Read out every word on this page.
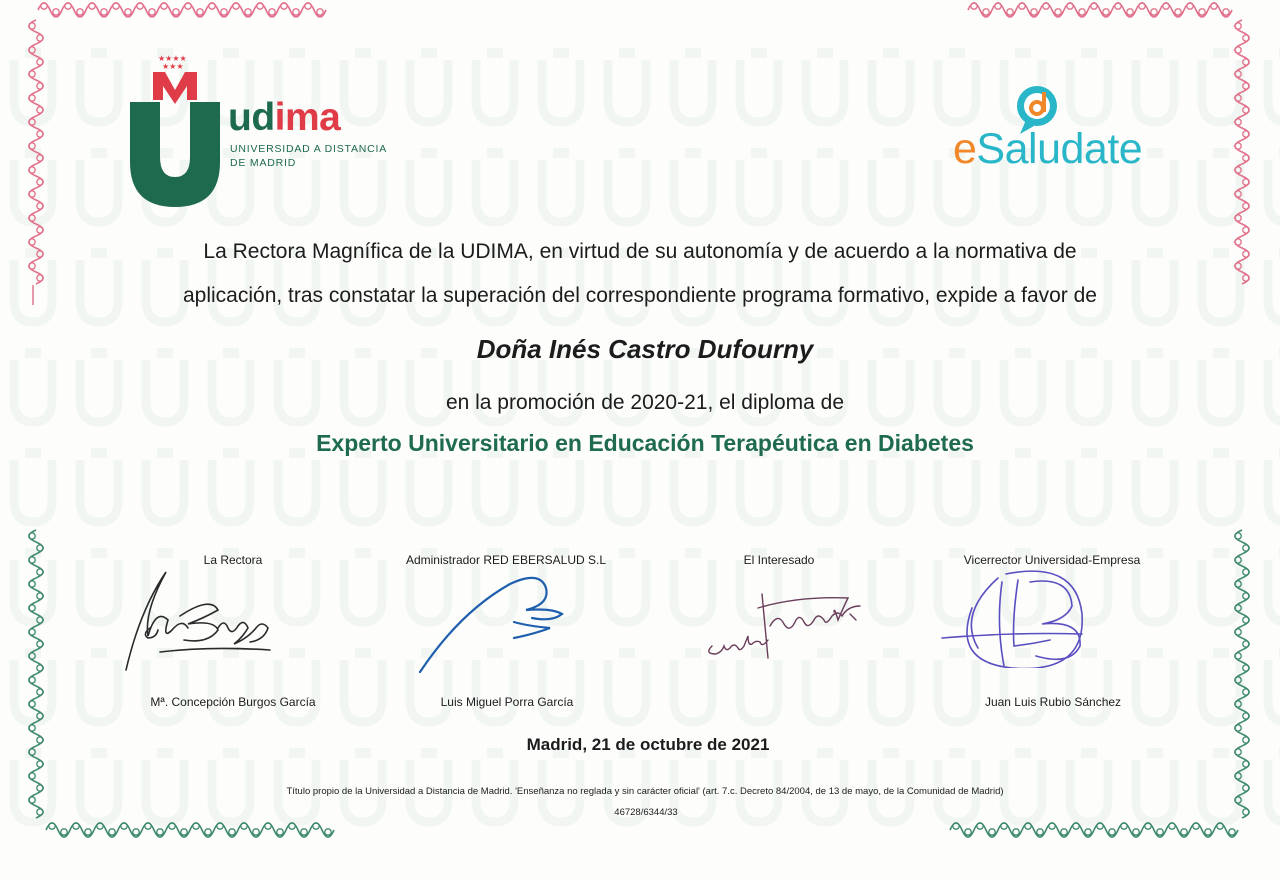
★★★★
★★★
udima
UNIVERSIDAD A DISTANCIA
DE MADRID	eSaludate
La Rectora Magnífica de la UDIMA, en virtud de su autonomía y de acuerdo a la normativa de
aplicación, tras constatar la superación del correspondiente programa formativo, expide a favor de
Doña Inés Castro Dufourny
en la promoción de 2020-21, el diploma de
Experto Universitario en Educación Terapéutica en Diabetes
La Rectora	Administrador RED EBERSALUD S.L	El Interesado	Vicerrector Universidad-Empresa
Mª. Concepción Burgos García	Luis Miguel Porra García	Juan Luis Rubio Sánchez
Madrid, 21 de octubre de 2021
Título propio de la Universidad a Distancia de Madrid. 'Enseñanza no reglada y sin carácter oficial' (art. 7.c. Decreto 84/2004, de 13 de mayo, de la Comunidad de Madrid)
46728/6344/33
